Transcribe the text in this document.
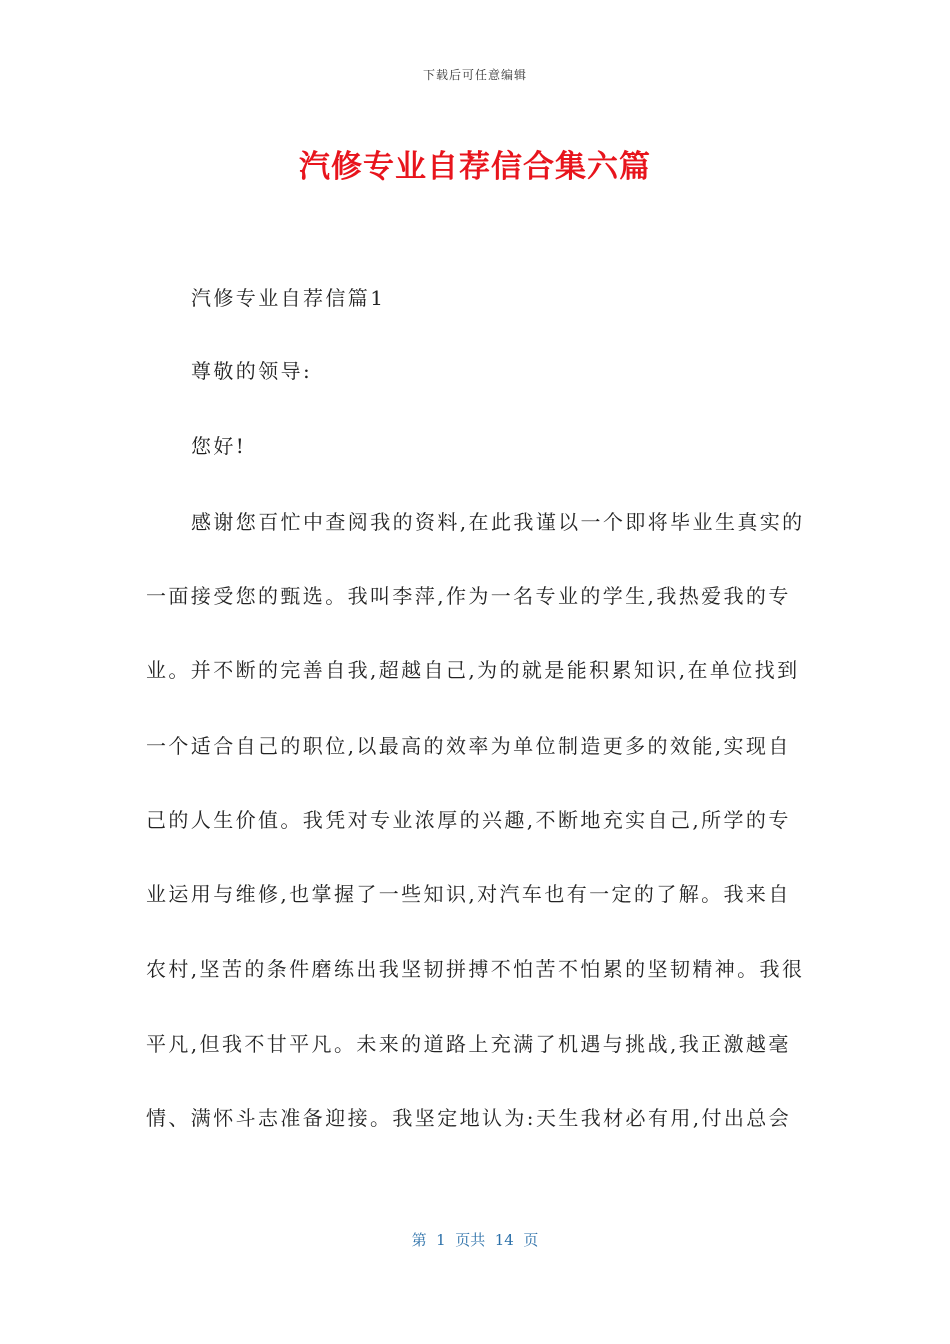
下载后可任意编辑
汽修专业自荐信合集六篇
汽修专业自荐信篇1
尊敬的领导:
您好!
感谢您百忙中查阅我的资料,在此我谨以一个即将毕业生真实的
一面接受您的甄选。我叫李萍,作为一名专业的学生,我热爱我的专
业。并不断的完善自我,超越自己,为的就是能积累知识,在单位找到
一个适合自己的职位,以最高的效率为单位制造更多的效能,实现自
己的人生价值。我凭对专业浓厚的兴趣,不断地充实自己,所学的专
业运用与维修,也掌握了一些知识,对汽车也有一定的了解。我来自
农村,坚苦的条件磨练出我坚韧拼搏不怕苦不怕累的坚韧精神。我很
平凡,但我不甘平凡。未来的道路上充满了机遇与挑战,我正激越毫
情、满怀斗志准备迎接。我坚定地认为:天生我材必有用,付出总会
第  1  页共  14  页
